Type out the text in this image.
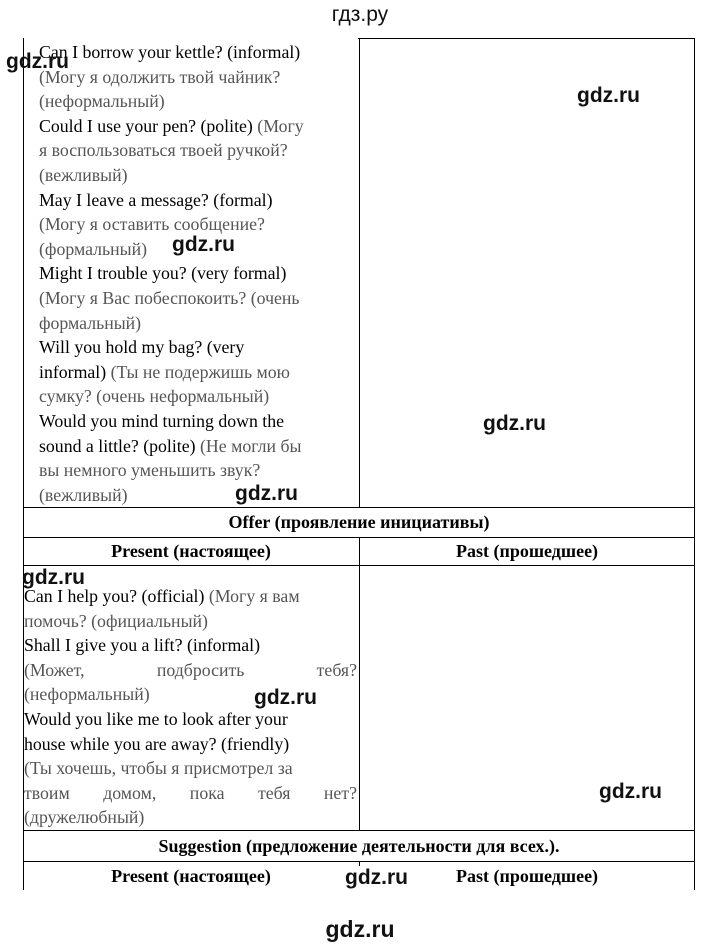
гдз.ру
gdz.ru
Can I borrow your kettle? (informal)
(Могу я одолжить твой чайник?
(неформальный)
Could I use your pen? (polite) (Могу
я воспользоваться твоей ручкой?
(вежливый)
May I leave a message? (formal)
(Могу я оставить сообщение?
(формальный)
Might I trouble you? (very formal)
(Могу я Вас побеспокоить? (очень
формальный)
Will you hold my bag? (very
informal) (Ты не подержишь мою
сумку? (очень неформальный)
Would you mind turning down the
sound a little? (polite) (Не могли бы
вы немного уменьшить звук?
(вежливый)
Offer (проявление инициативы)
Present (настоящее)	Past (прошедшее)
Can I help you? (official) (Могу я вам
помочь? (официальный)
Shall I give you a lift? (informal)
(Может,	подбросить	тебя?
(неформальный)
Would you like me to look after your
house while you are away? (friendly)
(Ты хочешь, чтобы я присмотрел за
твоим домом, пока тебя нет?
(дружелюбный)
Suggestion (предложение деятельности для всех.).
Present (настоящее)	Past (прошедшее)
gdz.ru
gdz.ru
gdz.ru
gdz.ru
gdz.ru
gdz.ru
gdz.ru
gdz.ru
gdz.ru
